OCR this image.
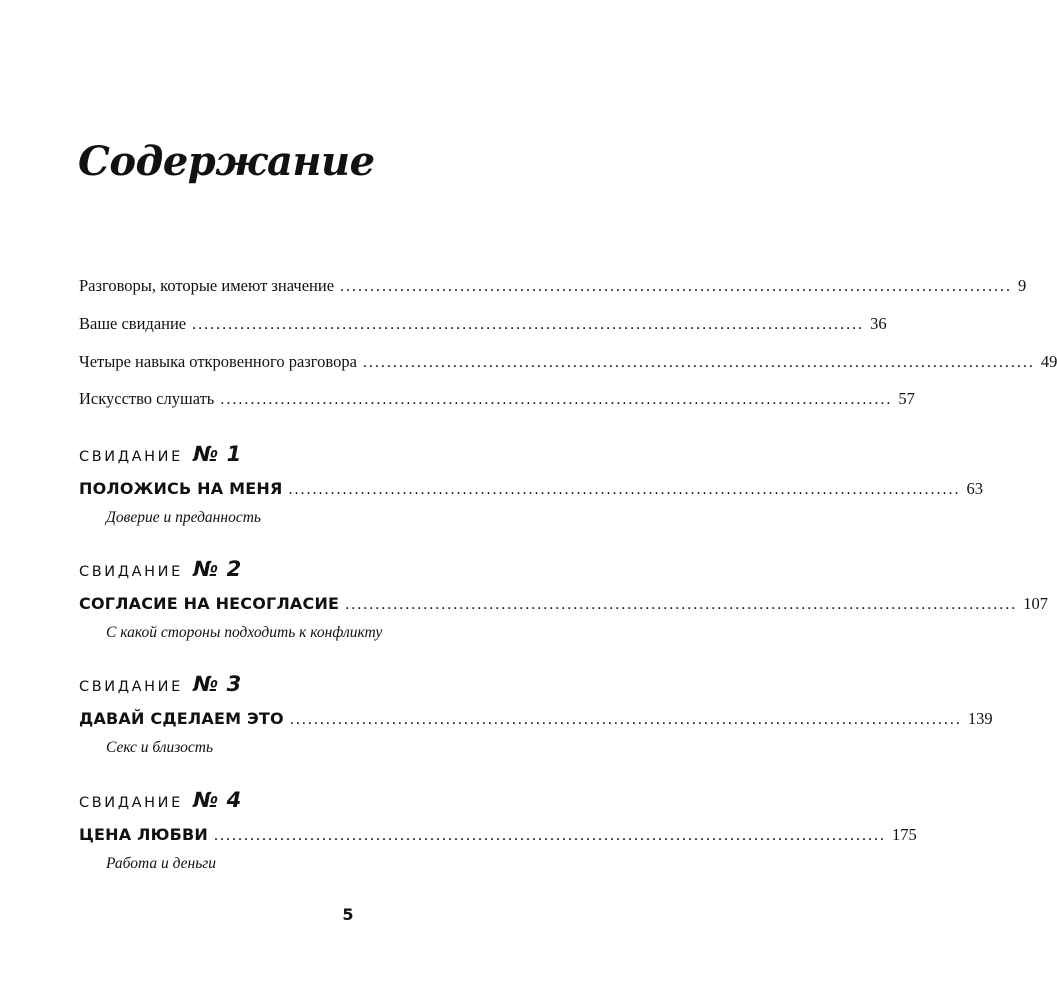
Содержание
Разговоры, которые имеют значение ................................................................................................................ 9
Ваше свидание ................................................................................................................ 36
Четыре навыка откровенного разговора ................................................................................................................ 49
Искусство слушать ................................................................................................................ 57
СВИДАНИЕ № 1
ПОЛОЖИСЬ НА МЕНЯ ................................................................................................................ 63
Доверие и преданность
СВИДАНИЕ № 2
СОГЛАСИЕ НА НЕСОГЛАСИЕ ................................................................................................................ 107
С какой стороны подходить к конфликту
СВИДАНИЕ № 3
ДАВАЙ СДЕЛАЕМ ЭТО ................................................................................................................ 139
Секс и близость
СВИДАНИЕ № 4
ЦЕНА ЛЮБВИ ................................................................................................................ 175
Работа и деньги
5
